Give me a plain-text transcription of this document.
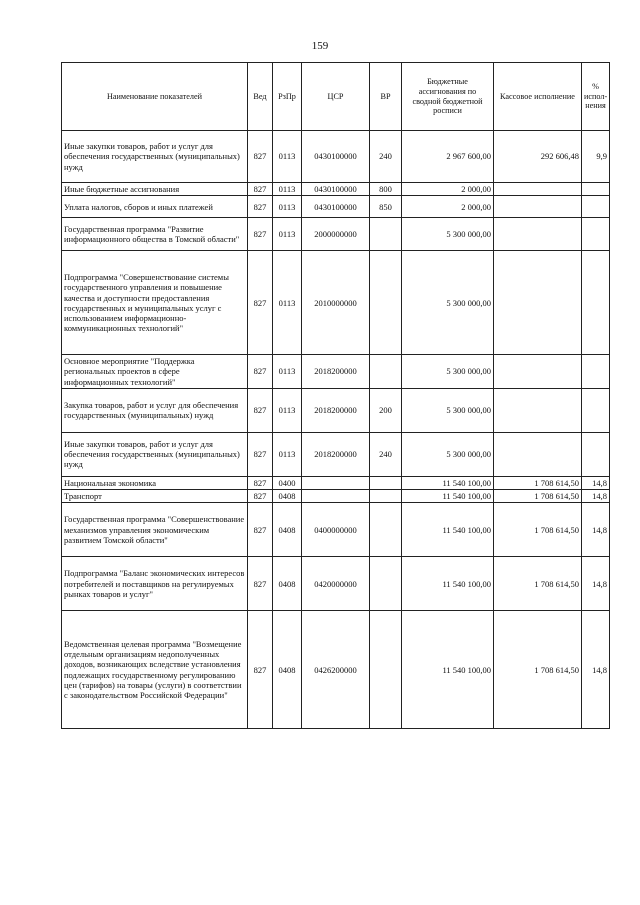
159
Наименование показателей	Вед	РзПр	ЦСР	ВР	Бюджетные ассигнования по сводной бюджетной росписи	Кассовое исполнение	% испол-нения
Иные закупки товаров, работ и услуг для обеспечения государственных (муниципальных) нужд	827	0113	0430100000	240	2 967 600,00	292 606,48	9,9
Иные бюджетные ассигнования	827	0113	0430100000	800	2 000,00		
Уплата налогов, сборов и иных платежей	827	0113	0430100000	850	2 000,00		
Государственная программа "Развитие информационного общества в Томской области"	827	0113	2000000000		5 300 000,00		
Подпрограмма "Совершенствование системы государственного управления и повышение качества и доступности предоставления государственных и муниципальных услуг с использованием информационно-коммуникационных технологий"	827	0113	2010000000		5 300 000,00		
Основное мероприятие "Поддержка региональных проектов в сфере информационных технологий"	827	0113	2018200000		5 300 000,00		
Закупка товаров, работ и услуг для обеспечения государственных (муниципальных) нужд	827	0113	2018200000	200	5 300 000,00		
Иные закупки товаров, работ и услуг для обеспечения государственных (муниципальных) нужд	827	0113	2018200000	240	5 300 000,00		
Национальная экономика	827	0400			11 540 100,00	1 708 614,50	14,8
Транспорт	827	0408			11 540 100,00	1 708 614,50	14,8
Государственная программа "Совершенствование механизмов управления экономическим развитием Томской области"	827	0408	0400000000		11 540 100,00	1 708 614,50	14,8
Подпрограмма "Баланс экономических интересов потребителей и поставщиков на регулируемых рынках товаров и услуг"	827	0408	0420000000		11 540 100,00	1 708 614,50	14,8
Ведомственная целевая программа "Возмещение отдельным организациям недополученных доходов, возникающих вследствие установления подлежащих государственному регулированию цен (тарифов) на товары (услуги) в соответствии с законодательством Российской Федерации"	827	0408	0426200000		11 540 100,00	1 708 614,50	14,8
